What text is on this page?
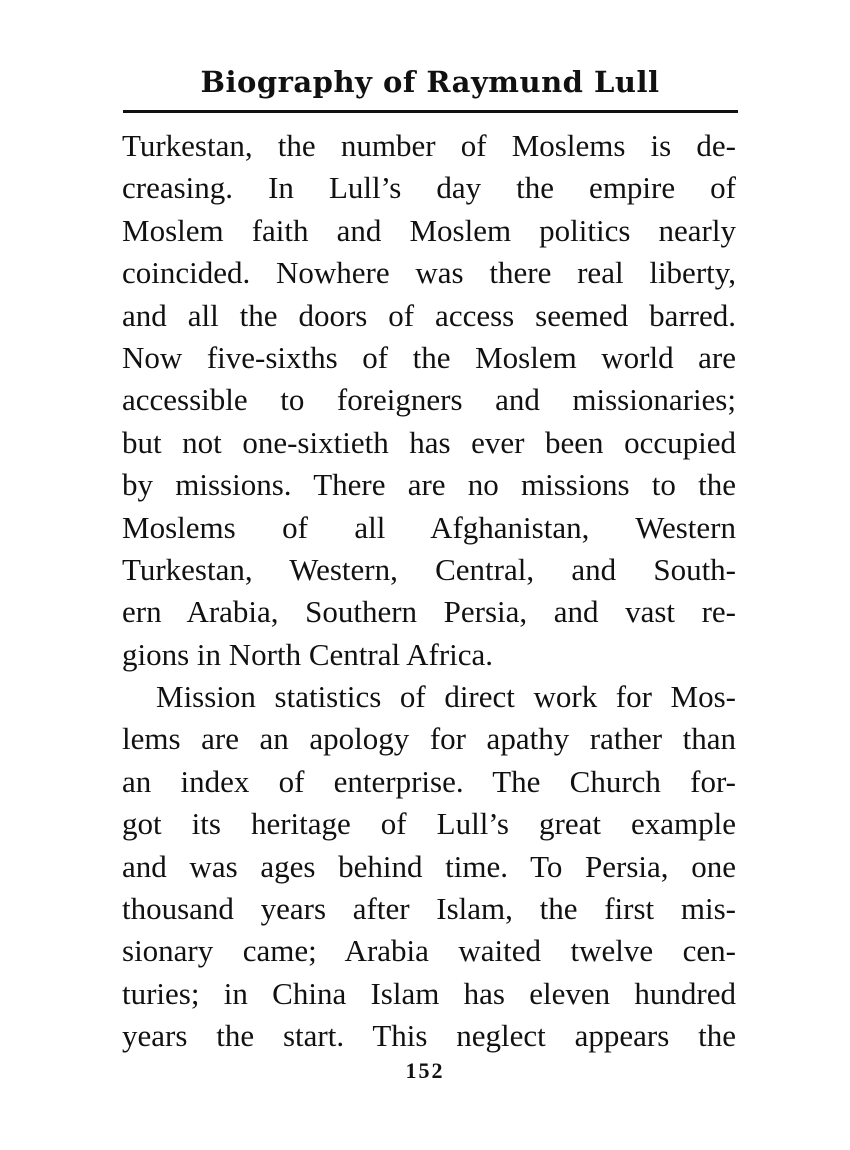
Biography of Raymund Lull
Turkestan, the number of Moslems is de-
creasing. In Lull’s day the empire of
Moslem faith and Moslem politics nearly
coincided. Nowhere was there real liberty,
and all the doors of access seemed barred.
Now five-sixths of the Moslem world are
accessible to foreigners and missionaries;
but not one-sixtieth has ever been occupied
by missions. There are no missions to the
Moslems of all Afghanistan, Western
Turkestan, Western, Central, and South-
ern Arabia, Southern Persia, and vast re-
gions in North Central Africa.
Mission statistics of direct work for Mos-
lems are an apology for apathy rather than
an index of enterprise. The Church for-
got its heritage of Lull’s great example
and was ages behind time. To Persia, one
thousand years after Islam, the first mis-
sionary came; Arabia waited twelve cen-
turies; in China Islam has eleven hundred
years the start. This neglect appears the
152
